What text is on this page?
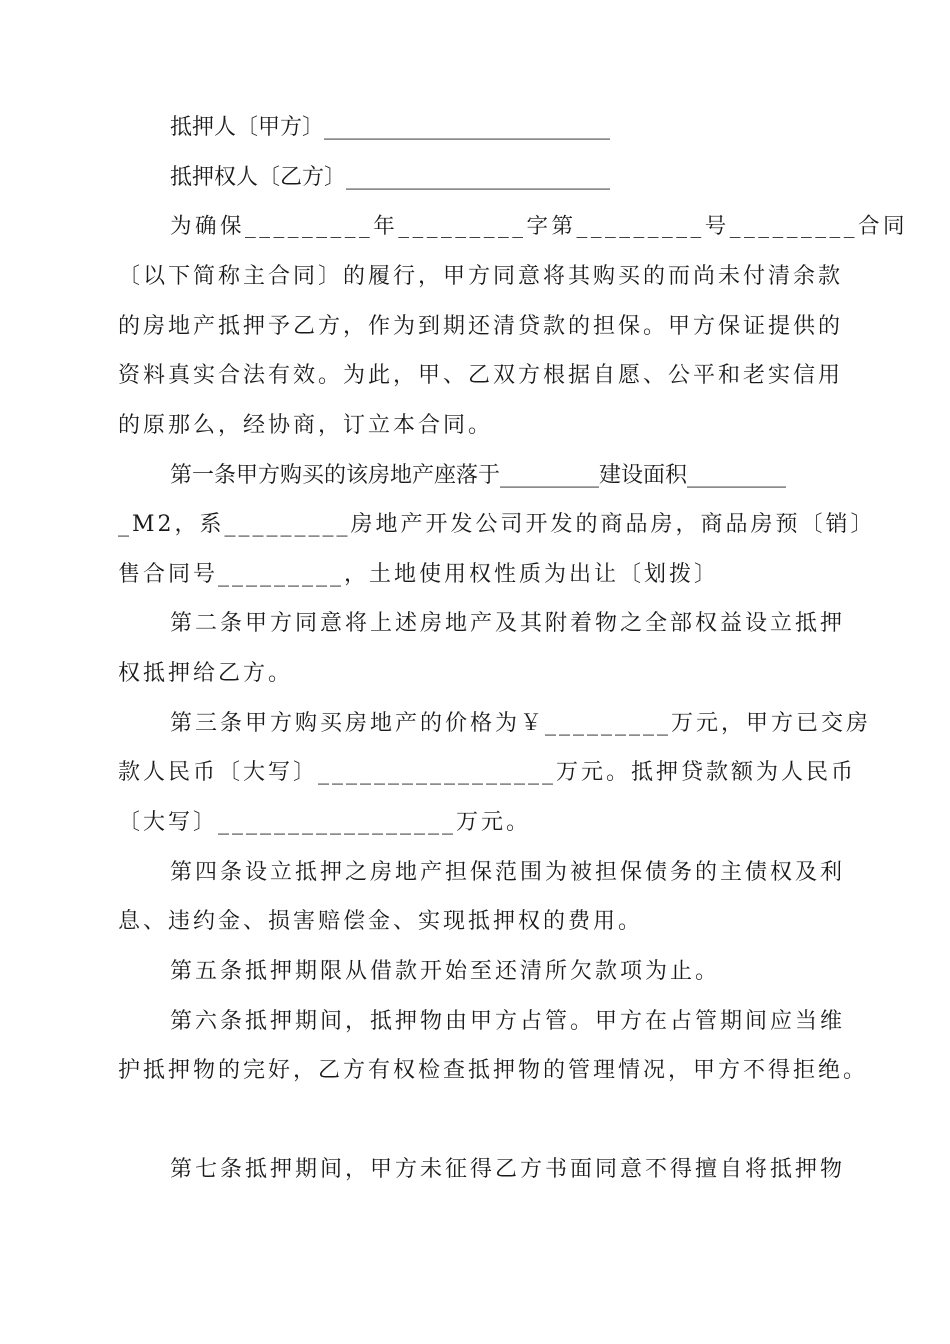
抵押人〔甲方〕__________________________
抵押权人〔乙方〕________________________
为确保_________年_________字第_________号_________合同
〔以下简称主合同〕的履行，甲方同意将其购买的而尚未付清余款
的房地产抵押予乙方，作为到期还清贷款的担保。甲方保证提供的
资料真实合法有效。为此，甲、乙双方根据自愿、公平和老实信用
的原那么，经协商，订立本合同。
第一条甲方购买的该房地产座落于_________建设面积_________
_M2，系_________房地产开发公司开发的商品房，商品房预〔销〕
售合同号_________，土地使用权性质为出让〔划拨〕
第二条甲方同意将上述房地产及其附着物之全部权益设立抵押
权抵押给乙方。
第三条甲方购买房地产的价格为￥_________万元，甲方已交房
款人民币〔大写〕_________________万元。抵押贷款额为人民币
〔大写〕_________________万元。
第四条设立抵押之房地产担保范围为被担保债务的主债权及利
息、违约金、损害赔偿金、实现抵押权的费用。
第五条抵押期限从借款开始至还清所欠款项为止。
第六条抵押期间，抵押物由甲方占管。甲方在占管期间应当维
护抵押物的完好，乙方有权检查抵押物的管理情况，甲方不得拒绝。
第七条抵押期间，甲方未征得乙方书面同意不得擅自将抵押物
